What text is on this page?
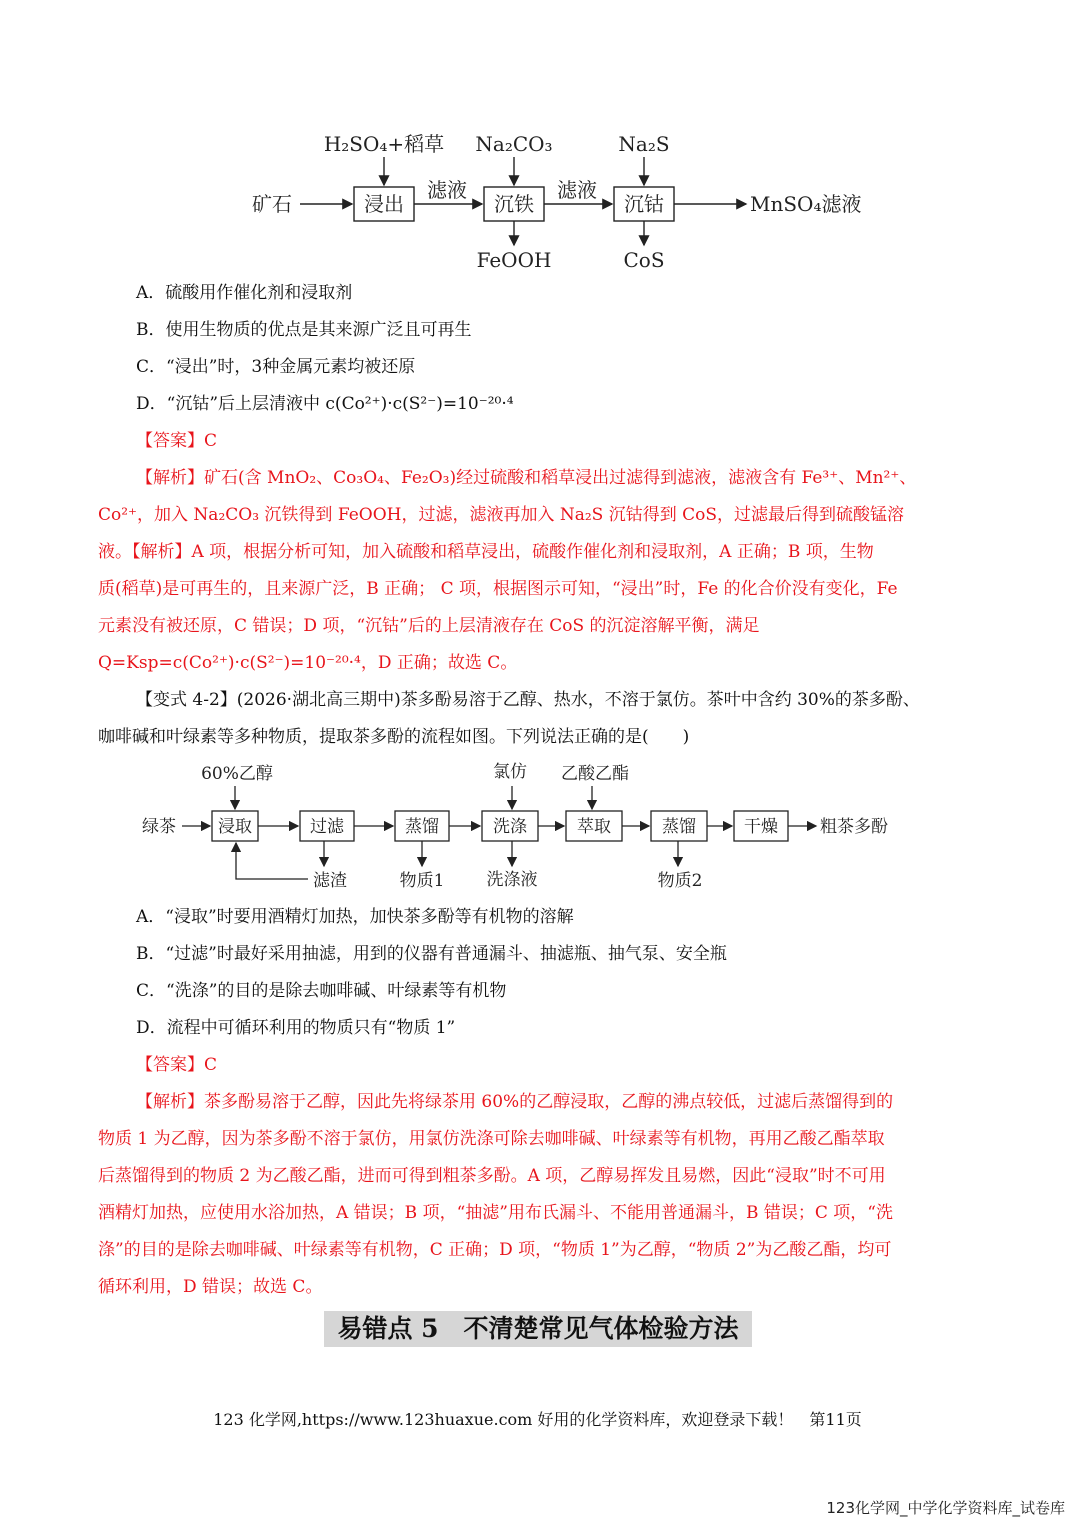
矿石
H₂SO₄+稻草 Na₂CO₃	Na₂S
浸出	沉铁	沉钴
滤液	滤液
FeOOH	CoS
MnSO₄滤液
A．硫酸用作催化剂和浸取剂
B．使用生物质的优点是其来源广泛且可再生
C．“浸出”时，3种金属元素均被还原
D．“沉钴”后上层清液中 c(Co²⁺)·c(S²⁻)=10⁻²⁰·⁴
【答案】C
【解析】矿石(含 MnO₂、Co₃O₄、Fe₂O₃)经过硫酸和稻草浸出过滤得到滤液，滤液含有 Fe³⁺、Mn²⁺、
Co²⁺，加入 Na₂CO₃ 沉铁得到 FeOOH，过滤，滤液再加入 Na₂S 沉钴得到 CoS，过滤最后得到硫酸锰溶
液。【解析】A 项，根据分析可知，加入硫酸和稻草浸出，硫酸作催化剂和浸取剂，A 正确；B 项，生物
质(稻草)是可再生的，且来源广泛，B 正确； C 项，根据图示可知，“浸出”时，Fe 的化合价没有变化，Fe
元素没有被还原，C 错误；D 项，“沉钴”后的上层清液存在 CoS 的沉淀溶解平衡，满足
Q=Ksp=c(Co²⁺)·c(S²⁻)=10⁻²⁰·⁴，D 正确；故选 C。
【变式 4-2】(2026·湖北高三期中)茶多酚易溶于乙醇、热水，不溶于氯仿。茶叶中含约 30%的茶多酚、
咖啡碱和叶绿素等多种物质，提取茶多酚的流程如图。下列说法正确的是(　　)
绿茶
60%乙醇	氯仿 乙酸乙酯
浸取	过滤	蒸馏	洗涤	萃取	蒸馏	干燥
滤渣	物质1 洗涤液	物质2
粗茶多酚
A．“浸取”时要用酒精灯加热，加快茶多酚等有机物的溶解
B．“过滤”时最好采用抽滤，用到的仪器有普通漏斗、抽滤瓶、抽气泵、安全瓶
C．“洗涤”的目的是除去咖啡碱、叶绿素等有机物
D．流程中可循环利用的物质只有“物质 1”
【答案】C
【解析】茶多酚易溶于乙醇，因此先将绿茶用 60%的乙醇浸取，乙醇的沸点较低，过滤后蒸馏得到的
物质 1 为乙醇，因为茶多酚不溶于氯仿，用氯仿洗涤可除去咖啡碱、叶绿素等有机物，再用乙酸乙酯萃取
后蒸馏得到的物质 2 为乙酸乙酯，进而可得到粗茶多酚。A 项，乙醇易挥发且易燃，因此“浸取”时不可用
酒精灯加热，应使用水浴加热，A 错误；B 项，“抽滤”用布氏漏斗、不能用普通漏斗，B 错误；C 项，“洗
涤”的目的是除去咖啡碱、叶绿素等有机物，C 正确；D 项，“物质 1”为乙醇，“物质 2”为乙酸乙酯，均可
循环利用，D 错误；故选 C。
易错点 5　不清楚常见气体检验方法
123 化学网,https://www.123huaxue.com 好用的化学资料库，欢迎登录下载！　第11页
123化学网_中学化学资料库_试卷库
